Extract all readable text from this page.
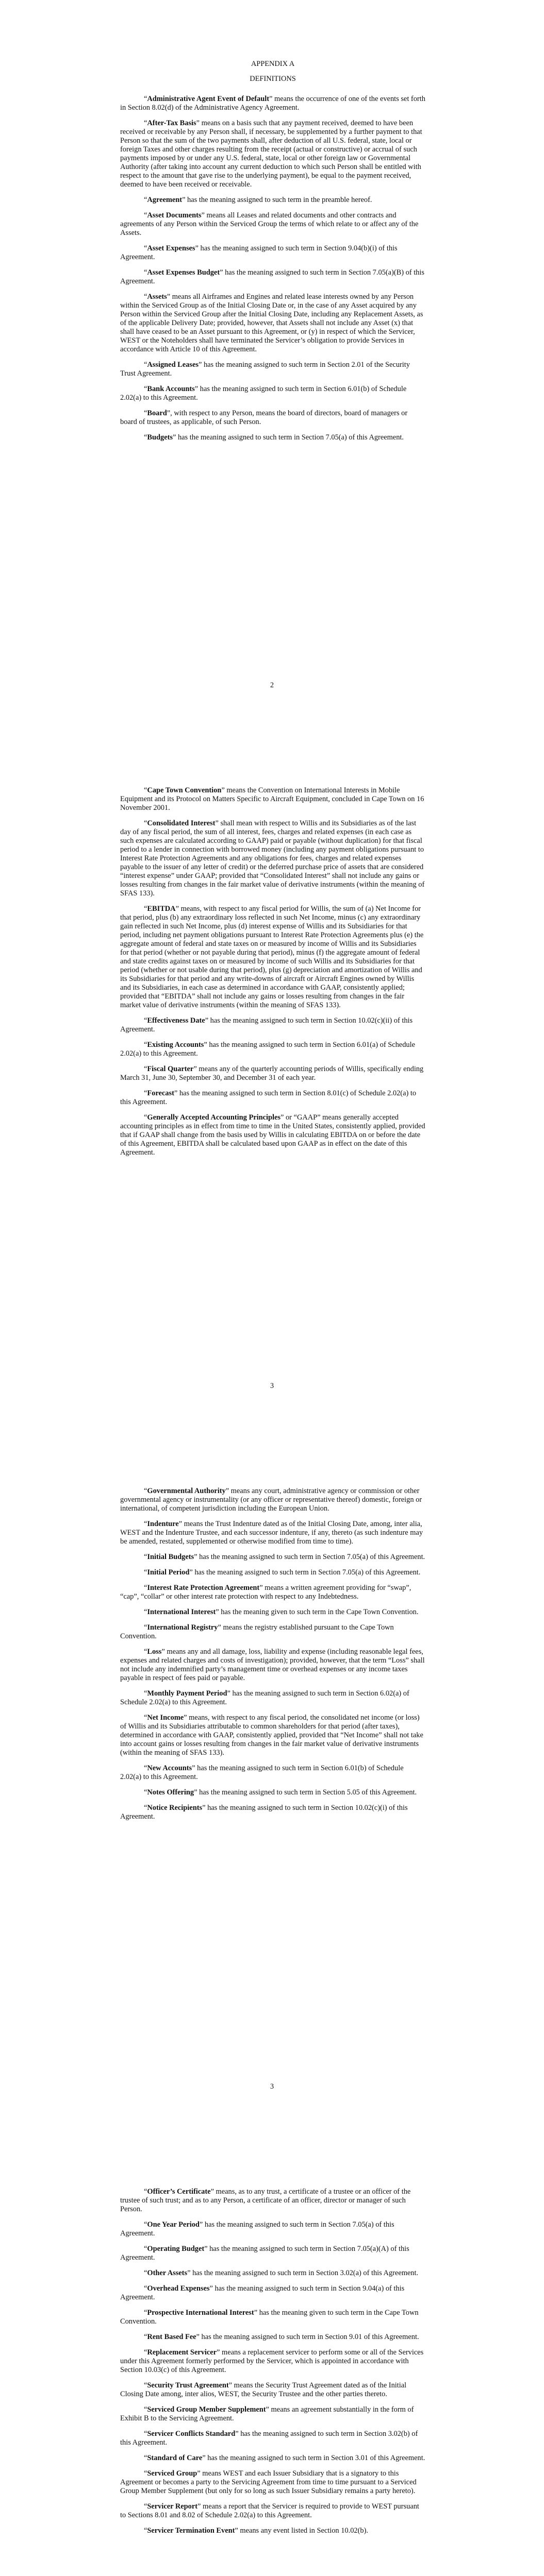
APPENDIX A
DEFINITIONS

“Administrative Agent Event of Default” means the occurrence of one of the events set forth in Section 8.02(d) of the Administrative Agency Agreement.

“After-Tax Basis” means on a basis such that any payment received, deemed to have been received or receivable by any Person shall, if necessary, be supplemented by a further payment to that Person so that the sum of the two payments shall, after deduction of all U.S. federal, state, local or foreign Taxes and other charges resulting from the receipt (actual or constructive) or accrual of such payments imposed by or under any U.S. federal, state, local or other foreign law or Governmental Authority (after taking into account any current deduction to which such Person shall be entitled with respect to the amount that gave rise to the underlying payment), be equal to the payment received, deemed to have been received or receivable.

“Agreement” has the meaning assigned to such term in the preamble hereof.

“Asset Documents” means all Leases and related documents and other contracts and agreements of any Person within the Serviced Group the terms of which relate to or affect any of the Assets.

“Asset Expenses” has the meaning assigned to such term in Section 9.04(b)(i) of this Agreement.

“Asset Expenses Budget” has the meaning assigned to such term in Section 7.05(a)(B) of this Agreement.

“Assets” means all Airframes and Engines and related lease interests owned by any Person within the Serviced Group as of the Initial Closing Date or, in the case of any Asset acquired by any Person within the Serviced Group after the Initial Closing Date, including any Replacement Assets, as of the applicable Delivery Date; provided, however, that Assets shall not include any Asset (x) that shall have ceased to be an Asset pursuant to this Agreement, or (y) in respect of which the Servicer, WEST or the Noteholders shall have terminated the Servicer’s obligation to provide Services in accordance with Article 10 of this Agreement.

“Assigned Leases” has the meaning assigned to such term in Section 2.01 of the Security Trust Agreement.

“Bank Accounts” has the meaning assigned to such term in Section 6.01(b) of Schedule 2.02(a) to this Agreement.

“Board”, with respect to any Person, means the board of directors, board of managers or board of trustees, as applicable, of such Person.

“Budgets” has the meaning assigned to such term in Section 7.05(a) of this Agreement.

2

“Cape Town Convention” means the Convention on International Interests in Mobile Equipment and its Protocol on Matters Specific to Aircraft Equipment, concluded in Cape Town on 16 November 2001.

“Consolidated Interest” shall mean with respect to Willis and its Subsidiaries as of the last day of any fiscal period, the sum of all interest, fees, charges and related expenses (in each case as such expenses are calculated according to GAAP) paid or payable (without duplication) for that fiscal period to a lender in connection with borrowed money (including any payment obligations pursuant to Interest Rate Protection Agreements and any obligations for fees, charges and related expenses payable to the issuer of any letter of credit) or the deferred purchase price of assets that are considered “interest expense” under GAAP; provided that “Consolidated Interest” shall not include any gains or losses resulting from changes in the fair market value of derivative instruments (within the meaning of SFAS 133).

“EBITDA” means, with respect to any fiscal period for Willis, the sum of (a) Net Income for that period, plus (b) any extraordinary loss reflected in such Net Income, minus (c) any extraordinary gain reflected in such Net Income, plus (d) interest expense of Willis and its Subsidiaries for that period, including net payment obligations pursuant to Interest Rate Protection Agreements plus (e) the aggregate amount of federal and state taxes on or measured by income of Willis and its Subsidiaries for that period (whether or not payable during that period), minus (f) the aggregate amount of federal and state credits against taxes on or measured by income of such Willis and its Subsidiaries for that period (whether or not usable during that period), plus (g) depreciation and amortization of Willis and its Subsidiaries for that period and any write-downs of aircraft or Aircraft Engines owned by Willis and its Subsidiaries, in each case as determined in accordance with GAAP, consistently applied; provided that “EBITDA” shall not include any gains or losses resulting from changes in the fair market value of derivative instruments (within the meaning of SFAS 133).

“Effectiveness Date” has the meaning assigned to such term in Section 10.02(c)(ii) of this Agreement.

“Existing Accounts” has the meaning assigned to such term in Section 6.01(a) of Schedule 2.02(a) to this Agreement.

“Fiscal Quarter” means any of the quarterly accounting periods of Willis, specifically ending March 31, June 30, September 30, and December 31 of each year.

“Forecast” has the meaning assigned to such term in Section 8.01(c) of Schedule 2.02(a) to this Agreement.

“Generally Accepted Accounting Principles” or “GAAP” means generally accepted accounting principles as in effect from time to time in the United States, consistently applied, provided that if GAAP shall change from the basis used by Willis in calculating EBITDA on or before the date of this Agreement, EBITDA shall be calculated based upon GAAP as in effect on the date of this Agreement.

3

“Governmental Authority” means any court, administrative agency or commission or other governmental agency or instrumentality (or any officer or representative thereof) domestic, foreign or international, of competent jurisdiction including the European Union.

“Indenture” means the Trust Indenture dated as of the Initial Closing Date, among, inter alia, WEST and the Indenture Trustee, and each successor indenture, if any, thereto (as such indenture may be amended, restated, supplemented or otherwise modified from time to time).

“Initial Budgets” has the meaning assigned to such term in Section 7.05(a) of this Agreement.

“Initial Period” has the meaning assigned to such term in Section 7.05(a) of this Agreement.

“Interest Rate Protection Agreement” means a written agreement providing for “swap”, “cap”, “collar” or other interest rate protection with respect to any Indebtedness.

“International Interest” has the meaning given to such term in the Cape Town Convention.

“International Registry” means the registry established pursuant to the Cape Town Convention.

“Loss” means any and all damage, loss, liability and expense (including reasonable legal fees, expenses and related charges and costs of investigation); provided, however, that the term “Loss” shall not include any indemnified party’s management time or overhead expenses or any income taxes payable in respect of fees paid or payable.

“Monthly Payment Period” has the meaning assigned to such term in Section 6.02(a) of Schedule 2.02(a) to this Agreement.

“Net Income” means, with respect to any fiscal period, the consolidated net income (or loss) of Willis and its Subsidiaries attributable to common shareholders for that period (after taxes), determined in accordance with GAAP, consistently applied, provided that “Net Income” shall not take into account gains or losses resulting from changes in the fair market value of derivative instruments (within the meaning of SFAS 133).

“New Accounts” has the meaning assigned to such term in Section 6.01(b) of Schedule 2.02(a) to this Agreement.

“Notes Offering” has the meaning assigned to such term in Section 5.05 of this Agreement.

“Notice Recipients” has the meaning assigned to such term in Section 10.02(c)(i) of this Agreement.

3

“Officer’s Certificate” means, as to any trust, a certificate of a trustee or an officer of the trustee of such trust; and as to any Person, a certificate of an officer, director or manager of such Person.

“One Year Period” has the meaning assigned to such term in Section 7.05(a) of this Agreement.

“Operating Budget” has the meaning assigned to such term in Section 7.05(a)(A) of this Agreement.

“Other Assets” has the meaning assigned to such term in Section 3.02(a) of this Agreement.

“Overhead Expenses” has the meaning assigned to such term in Section 9.04(a) of this Agreement.

“Prospective International Interest” has the meaning given to such term in the Cape Town Convention.

“Rent Based Fee” has the meaning assigned to such term in Section 9.01 of this Agreement.

“Replacement Servicer” means a replacement servicer to perform some or all of the Services under this Agreement formerly performed by the Servicer, which is appointed in accordance with Section 10.03(c) of this Agreement.

“Security Trust Agreement” means the Security Trust Agreement dated as of the Initial Closing Date among, inter alios, WEST, the Security Trustee and the other parties thereto.

“Serviced Group Member Supplement” means an agreement substantially in the form of Exhibit B to the Servicing Agreement.

“Servicer Conflicts Standard” has the meaning assigned to such term in Section 3.02(b) of this Agreement.

“Standard of Care” has the meaning assigned to such term in Section 3.01 of this Agreement.

“Serviced Group” means WEST and each Issuer Subsidiary that is a signatory to this Agreement or becomes a party to the Servicing Agreement from time to time pursuant to a Serviced Group Member Supplement (but only for so long as such Issuer Subsidiary remains a party hereto).

“Servicer Report” means a report that the Servicer is required to provide to WEST pursuant to Sections 8.01 and 8.02 of Schedule 2.02(a) to this Agreement.

“Servicer Termination Event” means any event listed in Section 10.02(b).
